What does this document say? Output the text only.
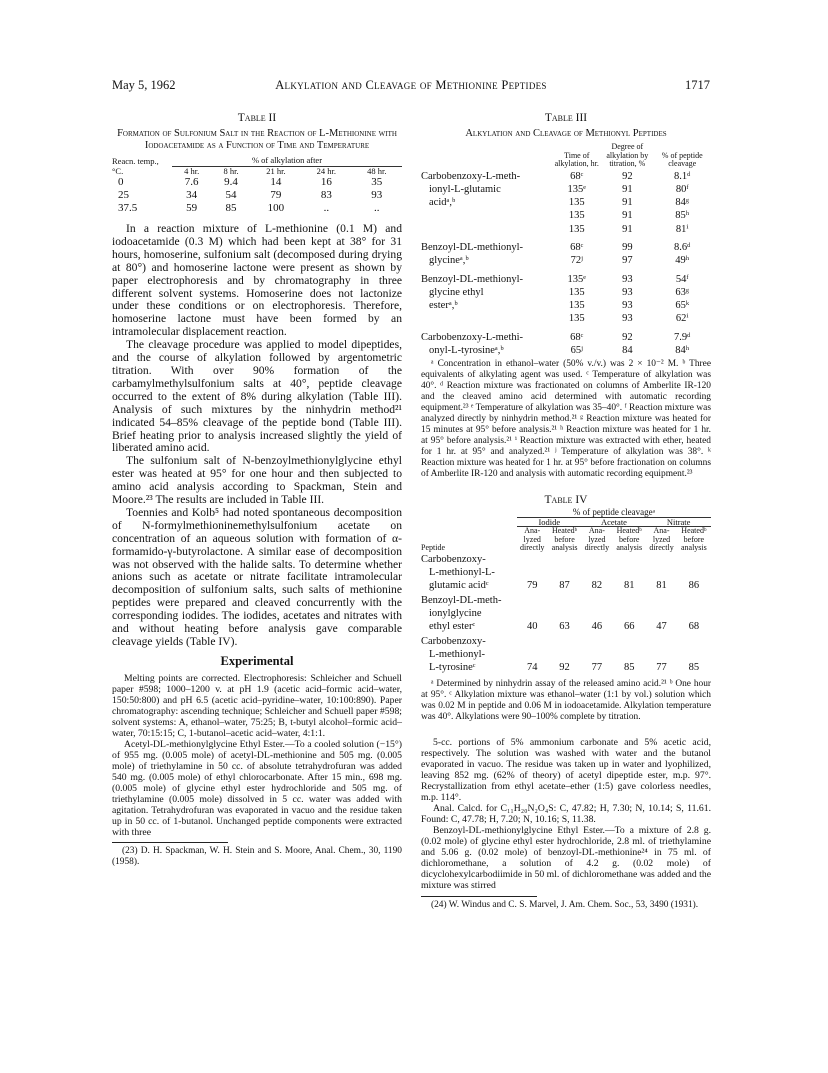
May 5, 1962	Alkylation and Cleavage of Methionine Peptides	1717

Table II

Formation of Sulfonium Salt in the Reaction of L-Methionine with Iodoacetamide as a Function of Time and Temperature

Reacn. temp., °C.	% of alkylation after				
	4 hr.	8 hr.	21 hr.	24 hr.	48 hr.
0	7.6	9.4	14	16	35
25	34	54	79	83	93
37.5	59	85	100	..	..

In a reaction mixture of L-methionine (0.1 M) and iodoacetamide (0.3 M) which had been kept at 38° for 31 hours, homoserine, sulfonium salt (decomposed during drying at 80°) and homoserine lactone were present as shown by paper electrophoresis and by chromatography in three different solvent systems. Homoserine does not lactonize under these conditions or on electrophoresis. Therefore, homoserine lactone must have been formed by an intramolecular displacement reaction.

The cleavage procedure was applied to model dipeptides, and the course of alkylation followed by argentometric titration. With over 90% formation of the carbamylmethylsulfonium salts at 40°, peptide cleavage occurred to the extent of 8% during alkylation (Table III). Analysis of such mixtures by the ninhydrin method²¹ indicated 54–85% cleavage of the peptide bond (Table III). Brief heating prior to analysis increased slightly the yield of liberated amino acid.

The sulfonium salt of N-benzoylmethionylglycine ethyl ester was heated at 95° for one hour and then subjected to amino acid analysis according to Spackman, Stein and Moore.²³ The results are included in Table III.

Toennies and Kolb⁵ had noted spontaneous decomposition of N-formylmethioninemethylsulfonium acetate on concentration of an aqueous solution with formation of α-formamido-γ-butyrolactone. A similar ease of decomposition was not observed with the halide salts. To determine whether anions such as acetate or nitrate facilitate intramolecular decomposition of sulfonium salts, such salts of methionine peptides were prepared and cleaved concurrently with the corresponding iodides. The iodides, acetates and nitrates with and without heating before analysis gave comparable cleavage yields (Table IV).

Experimental

Melting points are corrected. Electrophoresis: Schleicher and Schuell paper #598; 1000–1200 v. at pH 1.9 (acetic acid–formic acid–water, 150:50:800) and pH 6.5 (acetic acid–pyridine–water, 10:100:890). Paper chromatography: ascending technique; Schleicher and Schuell paper #598; solvent systems: A, ethanol–water, 75:25; B, t-butyl alcohol–formic acid–water, 70:15:15; C, 1-butanol–acetic acid–water, 4:1:1.

Acetyl-DL-methionylglycine Ethyl Ester.—To a cooled solution (−15°) of 955 mg. (0.005 mole) of acetyl-DL-methionine and 505 mg. (0.005 mole) of triethylamine in 50 cc. of absolute tetrahydrofuran was added 540 mg. (0.005 mole) of ethyl chlorocarbonate. After 15 min., 698 mg. (0.005 mole) of glycine ethyl ester hydrochloride and 505 mg. of triethylamine (0.005 mole) dissolved in 5 cc. water was added with agitation. Tetrahydrofuran was evaporated in vacuo and the residue taken up in 50 cc. of 1-butanol. Unchanged peptide components were extracted with three

(23) D. H. Spackman, W. H. Stein and S. Moore, Anal. Chem., 30, 1190 (1958).

Table III

Alkylation and Cleavage of Methionyl Peptides

	Time of alkylation, hr.	Degree of alkylation by titration, %	% of peptide cleavage
Carbobenzoxy-L-meth-	68ᶜ	92	8.1ᵈ
ionyl-L-glutamic	135ᵉ	91	80ᶠ
acidᵃ,ᵇ	135	91	84ᵍ
	135	91	85ʰ
	135	91	81ⁱ
Benzoyl-DL-methionyl-	68ᶜ	99	8.6ᵈ
glycineᵃ,ᵇ	72ʲ	97	49ʰ
Benzoyl-DL-methionyl-	135ᵉ	93	54ᶠ
glycine ethyl	135	93	63ᵍ
esterᵃ,ᵇ	135	93	65ᵏ
	135	93	62ⁱ
Carbobenzoxy-L-methi-	68ᶜ	92	7.9ᵈ
onyl-L-tyrosineᵃ,ᵇ	65ʲ	84	84ʰ

ᵃ Concentration in ethanol–water (50% v./v.) was 2 × 10⁻² M. ᵇ Three equivalents of alkylating agent was used. ᶜ Temperature of alkylation was 40°. ᵈ Reaction mixture was fractionated on columns of Amberlite IR-120 and the cleaved amino acid determined with automatic recording equipment.²³ ᵉ Temperature of alkylation was 35–40°. ᶠ Reaction mixture was analyzed directly by ninhydrin method.²¹ ᵍ Reaction mixture was heated for 15 minutes at 95° before analysis.²¹ ʰ Reaction mixture was heated for 1 hr. at 95° before analysis.²¹ ⁱ Reaction mixture was extracted with ether, heated for 1 hr. at 95° and analyzed.²¹ ʲ Temperature of alkylation was 38°. ᵏ Reaction mixture was heated for 1 hr. at 95° before fractionation on columns of Amberlite IR-120 and analysis with automatic recording equipment.²³

Table IV

Peptide	% of peptide cleavageᵃ					
	Iodide		Acetate		Nitrate	
	Ana-lyzed directly	Heatedᵇ before analysis	Ana-lyzed directly	Heatedᵇ before analysis	Ana-lyzed directly	Heatedᵇ before analysis
Carbobenzoxy-						
L-methionyl-L-						
glutamic acidᶜ	79	87	82	81	81	86
Benzoyl-DL-meth-						
ionylglycine						
ethyl esterᶜ	40	63	46	66	47	68
Carbobenzoxy-						
L-methionyl-						
L-tyrosineᶜ	74	92	77	85	77	85

ᵃ Determined by ninhydrin assay of the released amino acid.²¹ ᵇ One hour at 95°. ᶜ Alkylation mixture was ethanol–water (1:1 by vol.) solution which was 0.02 M in peptide and 0.06 M in iodoacetamide. Alkylation temperature was 40°. Alkylations were 90–100% complete by titration.

5-cc. portions of 5% ammonium carbonate and 5% acetic acid, respectively. The solution was washed with water and the butanol evaporated in vacuo. The residue was taken up in water and lyophilized, leaving 852 mg. (62% of theory) of acetyl dipeptide ester, m.p. 97°. Recrystallization from ethyl acetate–ether (1:5) gave colorless needles, m.p. 114°.

Anal. Calcd. for C₁₁H₂₀N₂O₄S: C, 47.82; H, 7.30; N, 10.14; S, 11.61. Found: C, 47.78; H, 7.20; N, 10.16; S, 11.38.

Benzoyl-DL-methionylglycine Ethyl Ester.—To a mixture of 2.8 g. (0.02 mole) of glycine ethyl ester hydrochloride, 2.8 ml. of triethylamine and 5.06 g. (0.02 mole) of benzoyl-DL-methionine²⁴ in 75 ml. of dichloromethane, a solution of 4.2 g. (0.02 mole) of dicyclohexylcarbodiimide in 50 ml. of dichloromethane was added and the mixture was stirred

(24) W. Windus and C. S. Marvel, J. Am. Chem. Soc., 53, 3490 (1931).
